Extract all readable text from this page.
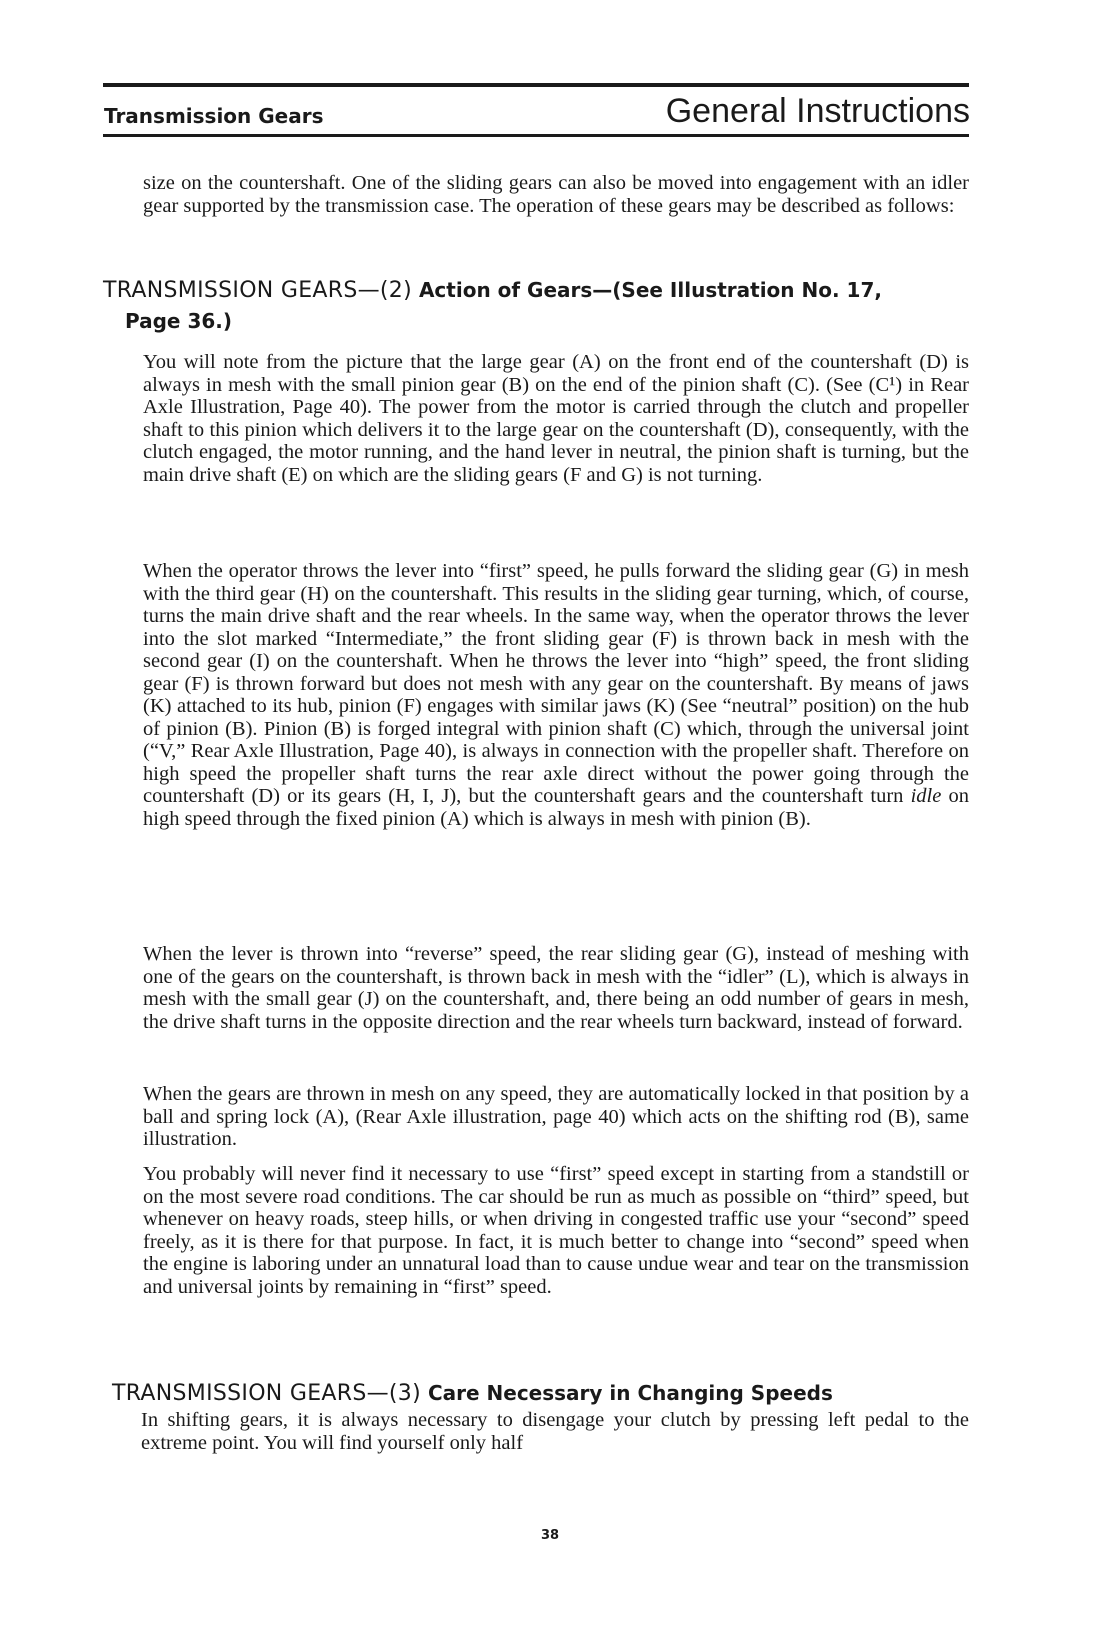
Transmission Gears	General Instructions

size on the countershaft. One of the sliding gears can also be moved into engagement with an idler gear supported by the transmission case. The operation of these gears may be described as follows:

TRANSMISSION GEARS—(2) Action of Gears—(See Illustration No. 17,
Page 36.)

You will note from the picture that the large gear (A) on the front end of the countershaft (D) is always in mesh with the small pinion gear (B) on the end of the pinion shaft (C). (See (C¹) in Rear Axle Illustration, Page 40). The power from the motor is carried through the clutch and propeller shaft to this pinion which delivers it to the large gear on the countershaft (D), consequently, with the clutch engaged, the motor running, and the hand lever in neutral, the pinion shaft is turning, but the main drive shaft (E) on which are the sliding gears (F and G) is not turning.

When the operator throws the lever into “first” speed, he pulls forward the sliding gear (G) in mesh with the third gear (H) on the countershaft. This results in the sliding gear turning, which, of course, turns the main drive shaft and the rear wheels. In the same way, when the operator throws the lever into the slot marked “Intermediate,” the front sliding gear (F) is thrown back in mesh with the second gear (I) on the countershaft. When he throws the lever into “high” speed, the front sliding gear (F) is thrown forward but does not mesh with any gear on the countershaft. By means of jaws (K) attached to its hub, pinion (F) engages with similar jaws (K) (See “neutral” position) on the hub of pinion (B). Pinion (B) is forged integral with pinion shaft (C) which, through the universal joint (“V,” Rear Axle Illustration, Page 40), is always in connection with the propeller shaft. Therefore on high speed the propeller shaft turns the rear axle direct without the power going through the countershaft (D) or its gears (H, I, J), but the countershaft gears and the countershaft turn idle on high speed through the fixed pinion (A) which is always in mesh with pinion (B).

When the lever is thrown into “reverse” speed, the rear sliding gear (G), instead of meshing with one of the gears on the countershaft, is thrown back in mesh with the “idler” (L), which is always in mesh with the small gear (J) on the countershaft, and, there being an odd number of gears in mesh, the drive shaft turns in the opposite direction and the rear wheels turn backward, instead of forward.

When the gears are thrown in mesh on any speed, they are automatically locked in that position by a ball and spring lock (A), (Rear Axle illustration, page 40) which acts on the shifting rod (B), same illustration.

You probably will never find it necessary to use “first” speed except in starting from a standstill or on the most severe road conditions. The car should be run as much as possible on “third” speed, but whenever on heavy roads, steep hills, or when driving in congested traffic use your “second” speed freely, as it is there for that purpose. In fact, it is much better to change into “second” speed when the engine is laboring under an unnatural load than to cause undue wear and tear on the transmission and universal joints by remaining in “first” speed.

TRANSMISSION GEARS—(3) Care Necessary in Changing Speeds

In shifting gears, it is always necessary to disengage your clutch by pressing left pedal to the extreme point. You will find yourself only half

38
